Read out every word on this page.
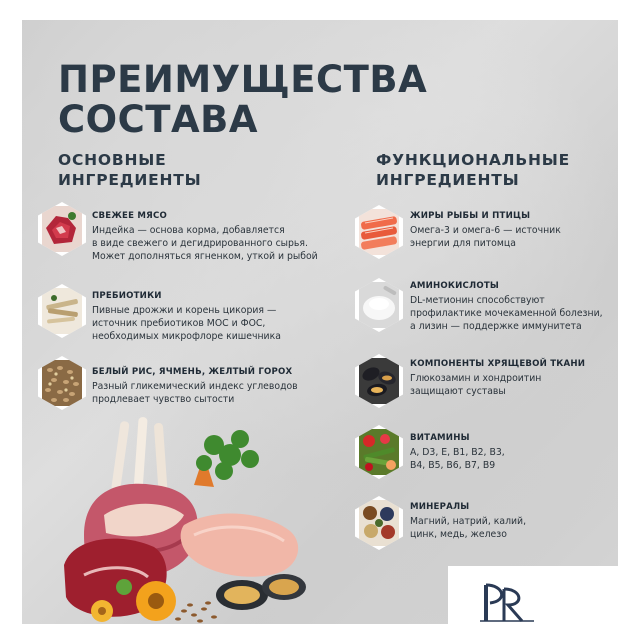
ПРЕИМУЩЕСТВА
СОСТАВА
ОСНОВНЫЕ
ИНГРЕДИЕНТЫ
ФУНКЦИОНАЛЬНЫЕ
ИНГРЕДИЕНТЫ
СВЕЖЕЕ МЯСО
Индейка — основа корма, добавляется
в виде свежего и дегидрированного сырья.
Может дополняться ягненком, уткой и рыбой
ПРЕБИОТИКИ
Пивные дрожжи и корень цикория —
источник пребиотиков МОС и ФОС,
необходимых микрофлоре кишечника
БЕЛЫЙ РИС, ЯЧМЕНЬ, ЖЕЛТЫЙ ГОРОХ
Разный гликемический индекс углеводов
продлевает чувство сытости
ЖИРЫ РЫБЫ И ПТИЦЫ
Омега-3 и омега-6 — источник
энергии для питомца
АМИНОКИСЛОТЫ
DL-метионин способствуют
профилактике мочекаменной болезни,
а лизин — поддержке иммунитета
КОМПОНЕНТЫ ХРЯЩЕВОЙ ТКАНИ
Глюкозамин и хондроитин
защищают суставы
ВИТАМИНЫ
A, D3, E, B1, B2, B3,
B4, B5, B6, B7, B9
МИНЕРАЛЫ
Магний, натрий, калий,
цинк, медь, железо
